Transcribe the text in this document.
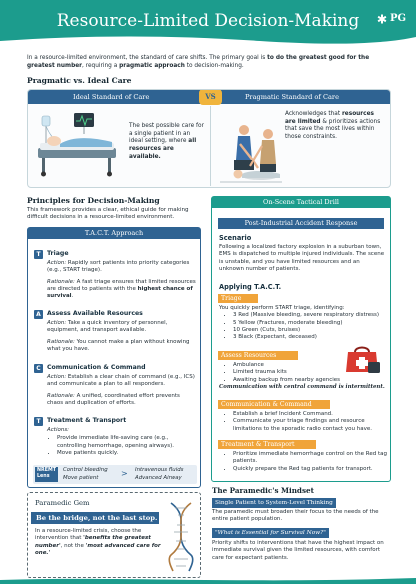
Resource-Limited Decision-Making	PG
In a resource-limited environment, the standard of care shifts. The primary goal is to do the greatest good for the greatest number, requiring a pragmatic approach to decision-making.
Pragmatic vs. Ideal Care
Ideal Standard of Care	Pragmatic Standard of Care
VS
The best possible care for a single patient in an ideal setting, where all resources are available.
Acknowledges that resources are limited & prioritizes actions that save the most lives within those constraints.
Principles for Decision-Making
This framework provides a clear, ethical guide for making difficult decisions in a resource-limited environment.
T.A.C.T. Approach
T	Triage

Action: Rapidly sort patients into priority categories (e.g., START triage).

Rationale: A fast triage ensures that limited resources are directed to patients with the highest chance of survival.

A Assess Available Resources

Action: Take a quick inventory of personnel, equipment, and transport available.

Rationale: You cannot make a plan without knowing what you have.

C	Communication & Command

Action: Establish a clear chain of command (e.g., ICS) and communicate a plan to all responders.

Rationale: A unified, coordinated effort prevents chaos and duplication of efforts.

T	Treatment & Transport

Actions:

• Provide immediate life-saving care (e.g., controlling hemorrhage, opening airways).
• Move patients quickly.
NREMT Lens
Control bleeding
Move patient	> Intravenous fluids
Advanced Airway
Paramedic Gem
Be the bridge, not the last stop.
In a resource-limited crisis, choose the intervention that 'benefits the greatest number', not the 'most advanced care for one.'
On-Scene Tactical Drill
Post-Industrial Accident Response
Scenario
Following a localized factory explosion in a suburban town, EMS is dispatched to multiple injured individuals. The scene is unstable, and you have limited resources and an unknown number of patients.
Applying T.A.C.T.
Triage
You quickly perform START triage, identifying:
• 3 Red (Massive bleeding, severe respiratory distress)
• 5 Yellow (Fractures, moderate bleeding)
• 10 Green (Cuts, bruises)
• 3 Black (Expectant, deceased)
Assess Resources
• Ambulance
• Limited trauma kits
• Awaiting backup from nearby agencies
Communication with central command is intermittent.
Communication & Command
• Establish a brief Incident Command.
• Communicate your triage findings and resource limitations to the sporadic radio contact you have.
Treatment & Transport
• Prioritize immediate hemorrhage control on the Red tag patients.
• Quickly prepare the Red tag patients for transport.
The Paramedic's Mindset
Single Patient to System-Level Thinking
The paramedic must broaden their focus to the needs of the entire patient population.
"What is Essential for Survival Now?"
Priority shifts to interventions that have the highest impact on immediate survival given the limited resources, with comfort care for expectant patients.
